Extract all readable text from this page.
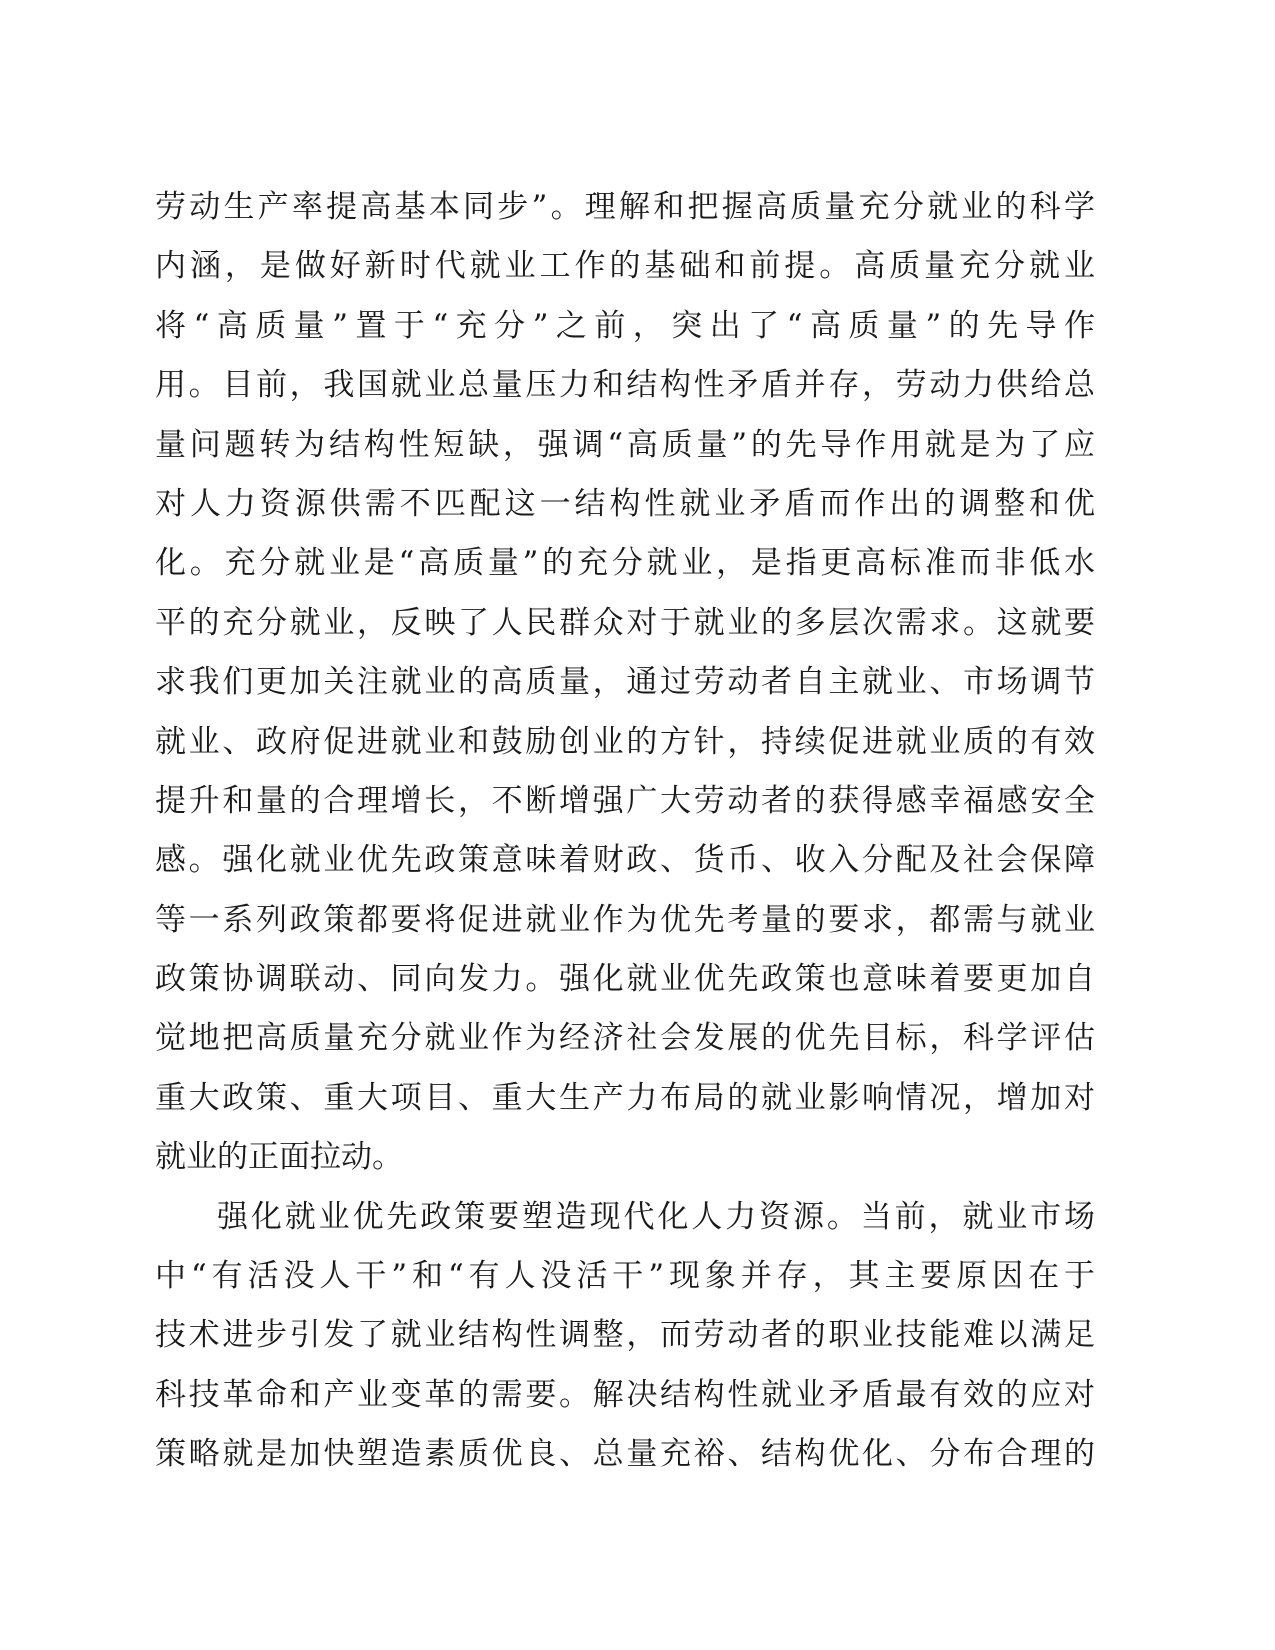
劳动生产率提高基本同步”。理解和把握高质量充分就业的科学
内涵，是做好新时代就业工作的基础和前提。高质量充分就业
将“高质量”置于“充分”之前，突出了“高质量”的先导作
用。目前，我国就业总量压力和结构性矛盾并存，劳动力供给总
量问题转为结构性短缺，强调“高质量”的先导作用就是为了应
对人力资源供需不匹配这一结构性就业矛盾而作出的调整和优
化。充分就业是“高质量”的充分就业，是指更高标准而非低水
平的充分就业，反映了人民群众对于就业的多层次需求。这就要
求我们更加关注就业的高质量，通过劳动者自主就业、市场调节
就业、政府促进就业和鼓励创业的方针，持续促进就业质的有效
提升和量的合理增长，不断增强广大劳动者的获得感幸福感安全
感。强化就业优先政策意味着财政、货币、收入分配及社会保障
等一系列政策都要将促进就业作为优先考量的要求，都需与就业
政策协调联动、同向发力。强化就业优先政策也意味着要更加自
觉地把高质量充分就业作为经济社会发展的优先目标，科学评估
重大政策、重大项目、重大生产力布局的就业影响情况，增加对
就业的正面拉动。
强化就业优先政策要塑造现代化人力资源。当前，就业市场
中“有活没人干”和“有人没活干”现象并存，其主要原因在于
技术进步引发了就业结构性调整，而劳动者的职业技能难以满足
科技革命和产业变革的需要。解决结构性就业矛盾最有效的应对
策略就是加快塑造素质优良、总量充裕、结构优化、分布合理的
